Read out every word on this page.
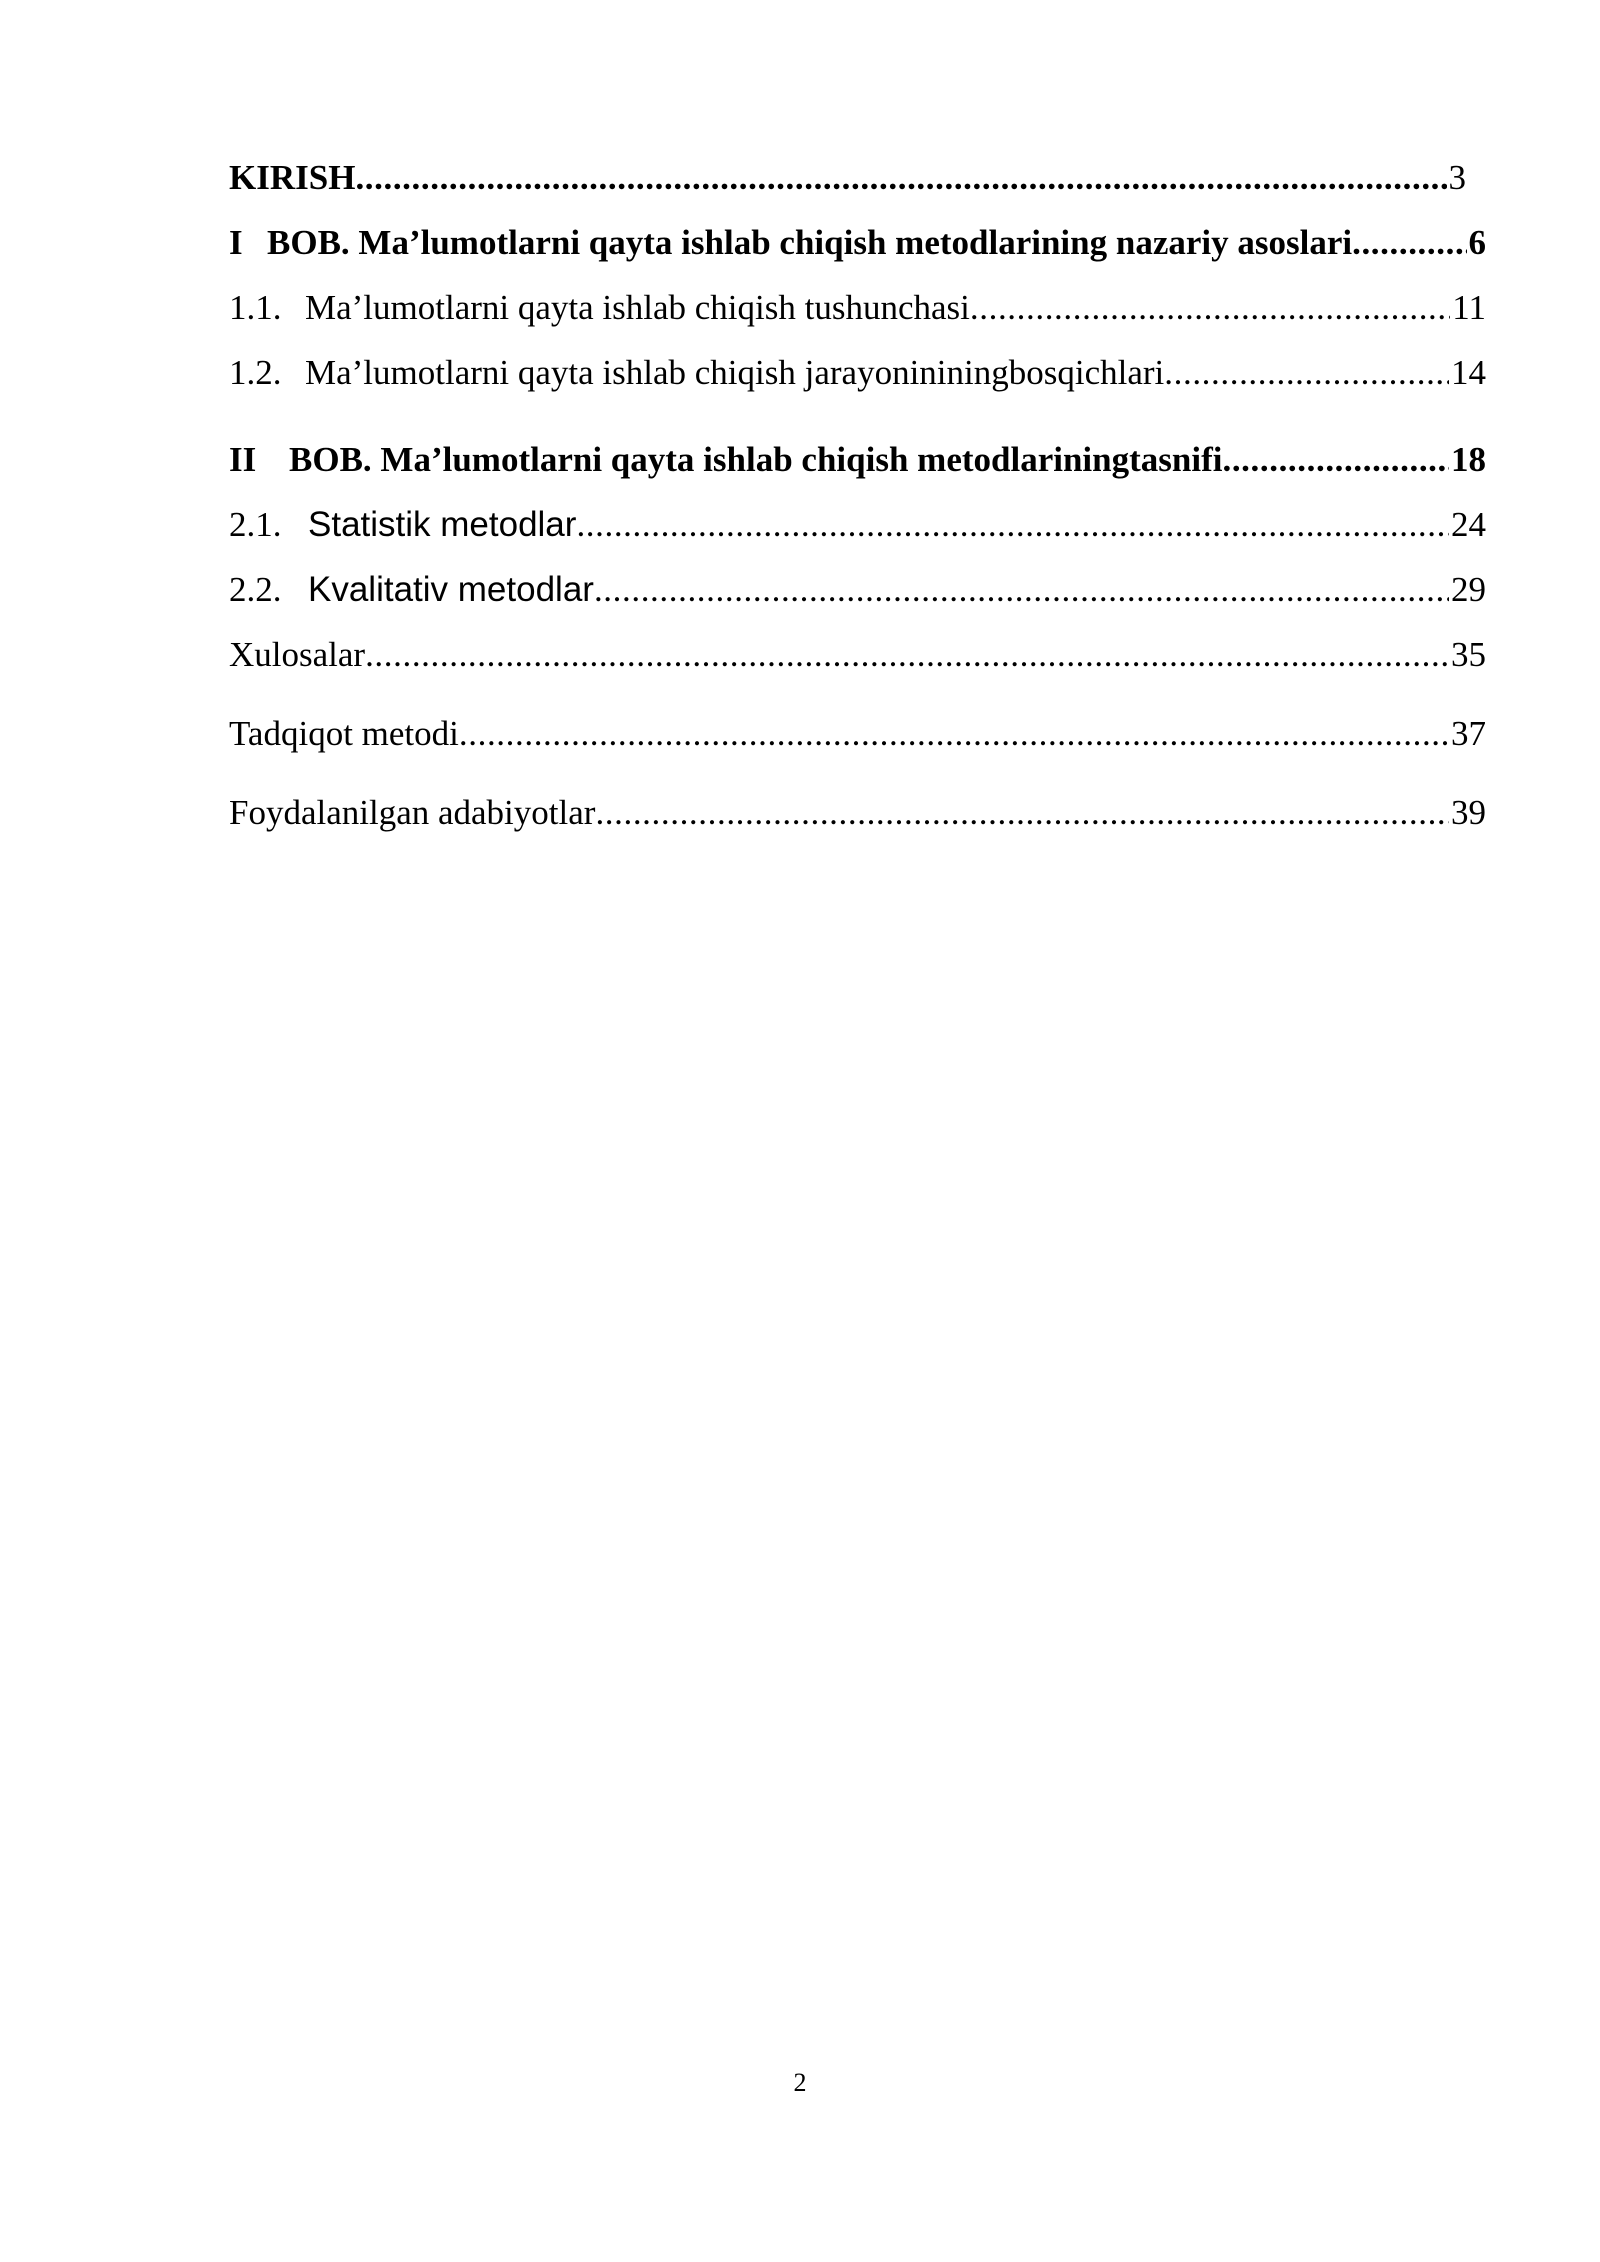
KIRISH .....	3
I BOB. Ma’lumotlarni qayta ishlab chiqish metodlarining nazariy asoslari .....	6
1.1. Ma’lumotlarni qayta ishlab chiqish tushunchasi .....	11
1.2. Ma’lumotlarni qayta ishlab chiqish jarayonininingbosqichlari .....	14
II BOB. Ma’lumotlarni qayta ishlab chiqish metodlariningtasnifi .....	18
2.1. Statistik metodlar .....	24
2.2. Kvalitativ metodlar .....	29
Xulosalar .....	35
Tadqiqot metodi .....	37
Foydalanilgan adabiyotlar .....	39
2
